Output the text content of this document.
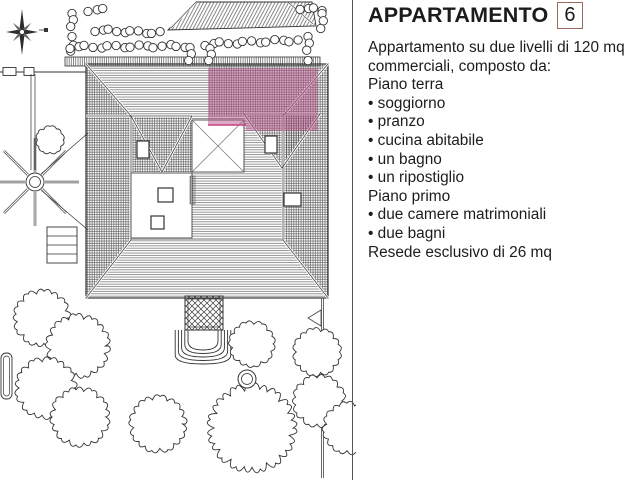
APPARTAMENTO 6
Appartamento su due livelli di 120 mq
commerciali, composto da:
Piano terra
• soggiorno
• pranzo
• cucina abitabile
• un bagno
• un ripostiglio
Piano primo
• due camere matrimoniali
• due bagni
Resede esclusivo di 26 mq
